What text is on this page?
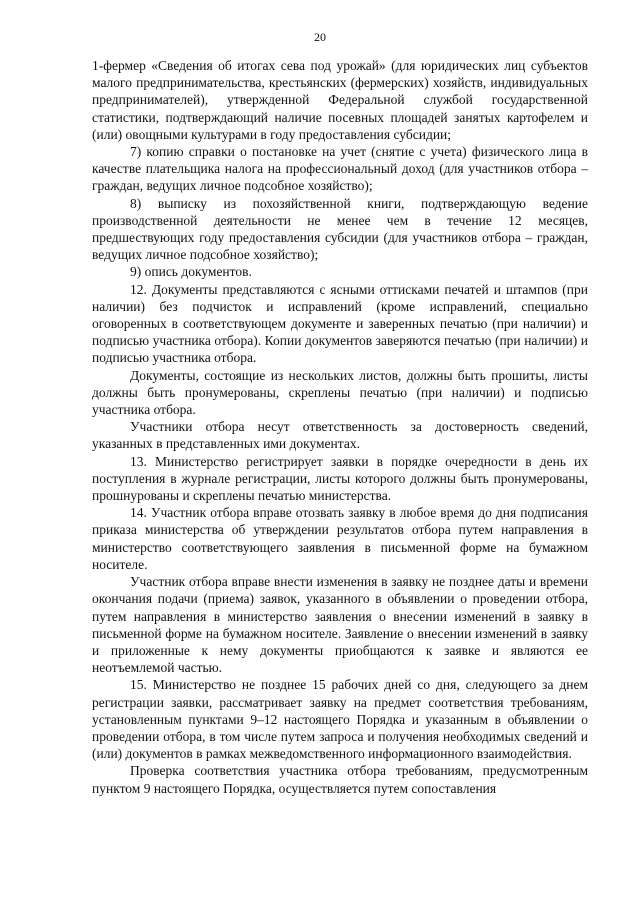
20

1-фермер «Сведения об итогах сева под урожай» (для юридических лиц субъектов малого предпринимательства, крестьянских (фермерских) хозяйств, индивидуальных предпринимателей), утвержденной Федеральной службой государственной статистики, подтверждающий наличие посевных площадей занятых картофелем и (или) овощными культурами в году предоставления субсидии;

7) копию справки о постановке на учет (снятие с учета) физического лица в качестве плательщика налога на профессиональный доход (для участников отбора – граждан, ведущих личное подсобное хозяйство);

8) выписку из похозяйственной книги, подтверждающую ведение производственной деятельности не менее чем в течение 12 месяцев, предшествующих году предоставления субсидии (для участников отбора – граждан, ведущих личное подсобное хозяйство);

9) опись документов.

12. Документы представляются с ясными оттисками печатей и штампов (при наличии) без подчисток и исправлений (кроме исправлений, специально оговоренных в соответствующем документе и заверенных печатью (при наличии) и подписью участника отбора). Копии документов заверяются печатью (при наличии) и подписью участника отбора.

Документы, состоящие из нескольких листов, должны быть прошиты, листы должны быть пронумерованы, скреплены печатью (при наличии) и подписью участника отбора.

Участники отбора несут ответственность за достоверность сведений, указанных в представленных ими документах.

13. Министерство регистрирует заявки в порядке очередности в день их поступления в журнале регистрации, листы которого должны быть пронумерованы, прошнурованы и скреплены печатью министерства.

14. Участник отбора вправе отозвать заявку в любое время до дня подписания приказа министерства об утверждении результатов отбора путем направления в министерство соответствующего заявления в письменной форме на бумажном носителе.

Участник отбора вправе внести изменения в заявку не позднее даты и времени окончания подачи (приема) заявок, указанного в объявлении о проведении отбора, путем направления в министерство заявления о внесении изменений в заявку в письменной форме на бумажном носителе. Заявление о внесении изменений в заявку и приложенные к нему документы приобщаются к заявке и являются ее неотъемлемой частью.

15. Министерство не позднее 15 рабочих дней со дня, следующего за днем регистрации заявки, рассматривает заявку на предмет соответствия требованиям, установленным пунктами 9–12 настоящего Порядка и указанным в объявлении о проведении отбора, в том числе путем запроса и получения необходимых сведений и (или) документов в рамках межведомственного информационного взаимодействия.

Проверка соответствия участника отбора требованиям, предусмотренным пунктом 9 настоящего Порядка, осуществляется путем сопоставления
